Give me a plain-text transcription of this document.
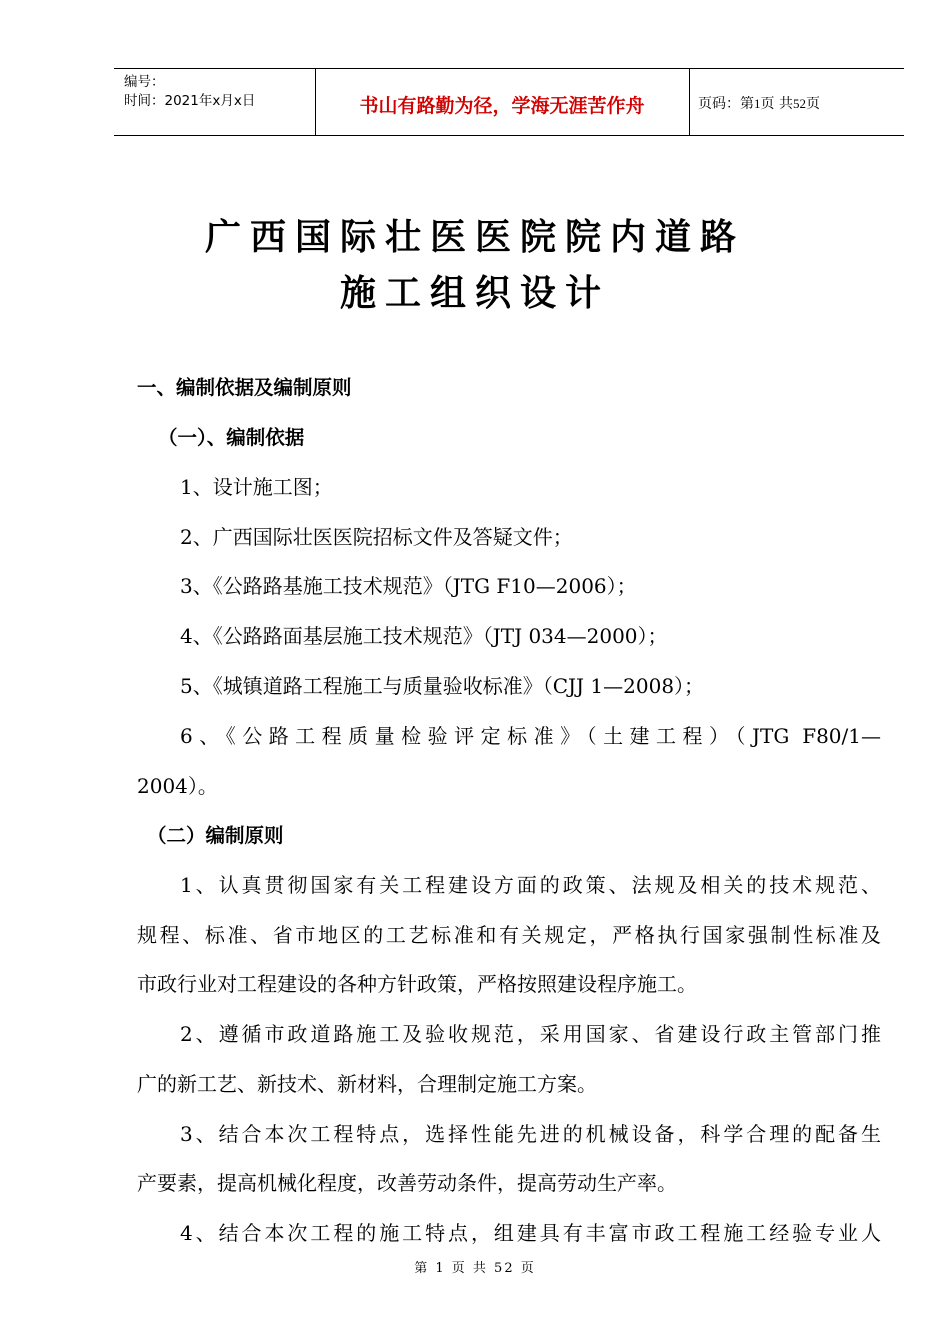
编号：
时间：2021年x月x日	书山有路勤为径，学海无涯苦作舟	页码：第1页 共52页
广西国际壮医医院院内道路
施工组织设计
一、编制依据及编制原则
（一）、编制依据
1、设计施工图；
2、广西国际壮医医院招标文件及答疑文件；
3、《公路路基施工技术规范》（JTG F10—2006）；
4、《公路路面基层施工技术规范》（JTJ 034—2000）；
5、《城镇道路工程施工与质量验收标准》（CJJ 1—2008）；
6、《公路工程质量检验评定标准》（土建工程）（JTG F80/1—
2004）。
（二）编制原则
1、认真贯彻国家有关工程建设方面的政策、法规及相关的技术规范、
规程、标准、省市地区的工艺标准和有关规定，严格执行国家强制性标准及
市政行业对工程建设的各种方针政策，严格按照建设程序施工。
2、遵循市政道路施工及验收规范，采用国家、省建设行政主管部门推
广的新工艺、新技术、新材料，合理制定施工方案。
3、结合本次工程特点，选择性能先进的机械设备，科学合理的配备生
产要素，提高机械化程度，改善劳动条件，提高劳动生产率。
4、结合本次工程的施工特点，组建具有丰富市政工程施工经验专业人
第 1 页 共 52 页
